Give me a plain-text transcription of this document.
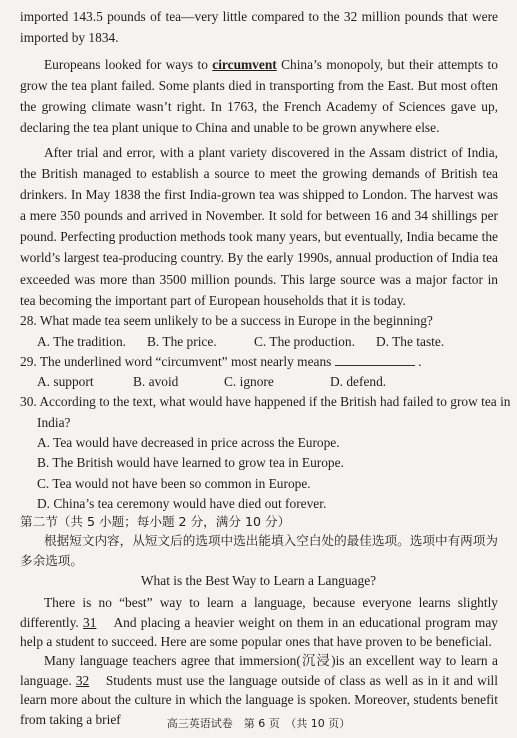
imported 143.5 pounds of tea—very little compared to the 32 million pounds that were imported by 1834.

Europeans looked for ways to circumvent China’s monopoly, but their attempts to grow the tea plant failed. Some plants died in transporting from the East. But most often the growing climate wasn’t right. In 1763, the French Academy of Sciences gave up, declaring the tea plant unique to China and unable to be grown anywhere else.

After trial and error, with a plant variety discovered in the Assam district of India, the British managed to establish a source to meet the growing demands of British tea drinkers. In May 1838 the first India-grown tea was shipped to London. The harvest was a mere 350 pounds and arrived in November. It sold for between 16 and 34 shillings per pound. Perfecting production methods took many years, but eventually, India became the world’s largest tea-producing country. By the early 1990s, annual production of India tea exceeded was more than 3500 million pounds. This large source was a major factor in tea becoming the important part of European households that it is today.

28. What made tea seem unlikely to be a success in Europe in the beginning?

A. The tradition. B. The price.	C. The production. D. The taste.

29. The underlined word “circumvent” most nearly means	.

A. support	B. avoid	C. ignore	D. defend.

30. According to the text, what would have happened if the British had failed to grow tea in

India?

A. Tea would have decreased in price across the Europe.

B. The British would have learned to grow tea in Europe.

C. Tea would not have been so common in Europe.

D. China’s tea ceremony would have died out forever.

第二节（共 5 小题；每小题 2 分，满分 10 分）

根据短文内容，从短文后的选项中选出能填入空白处的最佳选项。选项中有两项为多余选项。

What is the Best Way to Learn a Language?

There is no “best” way to learn a language, because everyone learns slightly differently. 31 And placing a heavier weight on them in an educational program may help a student to succeed. Here are some popular ones that have proven to be beneficial.

Many language teachers agree that immersion(沉浸)is an excellent way to learn a language. 32 Students must use the language outside of class as well as in it and will learn more about the culture in which the language is spoken. Moreover, students benefit from taking a brief	高三英语试卷　第 6 页　（共 10 页）
